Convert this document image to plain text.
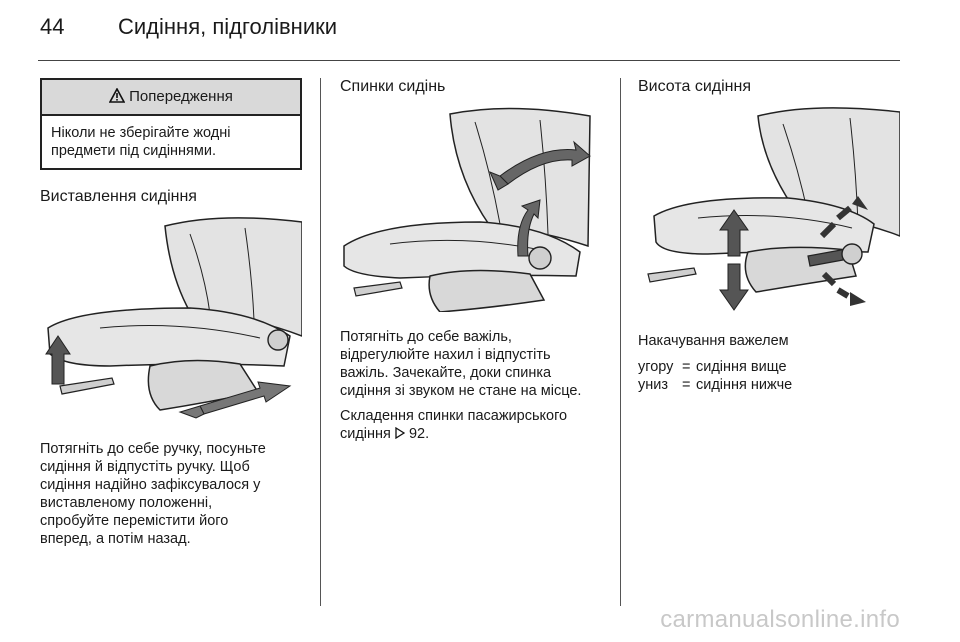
44 Сидіння, підголівники
Попередження
Ніколи не зберігайте жодні предмети під сидіннями.
Виставлення сидіння

Потягніть до себе ручку, посуньте

сидіння й відпустіть ручку. Щоб

сидіння надійно зафіксувалося у

виставленому положенні,

спробуйте перемістити його

вперед, а потім назад.

Спинки сидінь

Потягніть до себе важіль,

відрегулюйте нахил і відпустіть

важіль. Зачекайте, доки спинка

сидіння зі звуком не стане на місце.

Складення спинки пасажирського

сидіння 92.

Висота сидіння

Накачування важелем

угору	=	сидіння вище
униз	=	сидіння нижче
carmanualsonline.info
